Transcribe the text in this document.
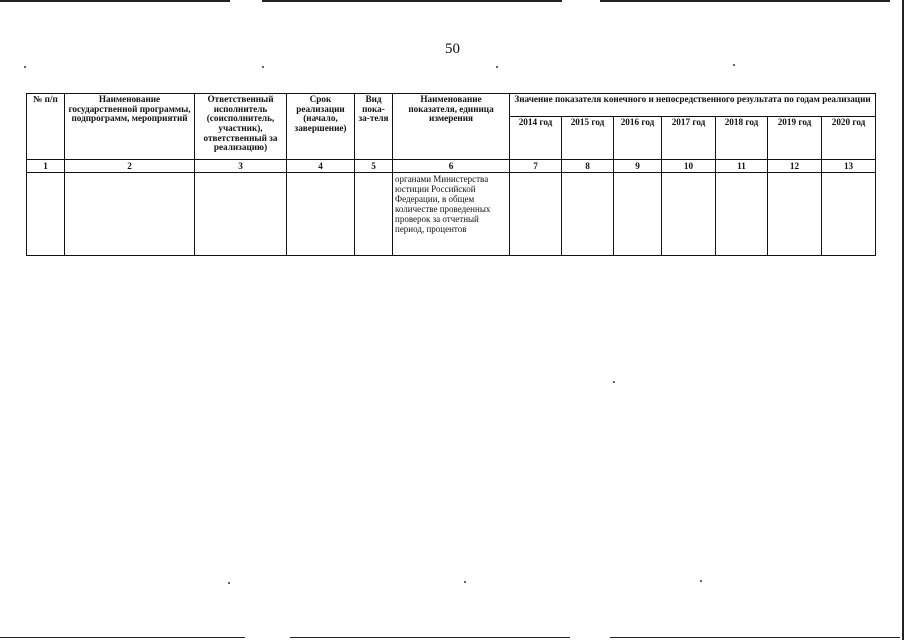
50
№ п/п	Наименование государственной программы, подпрограмм, мероприятий	Ответственный исполнитель (соисполнитель, участник), ответственный за реализацию)	Срок реализации (начало, завершение)	Вид пока-за-теля	Наименование показателя, единица измерения	Значение показателя конечного и непосредственного результата по годам реализации						
						2014 год	2015 год	2016 год	2017 год	2018 год	2019 год	2020 год
1	2	3	4	5	6	7	8	9	10	11	12	13
					органами Министерства юстиции Российской Федерации, в общем количестве проведенных проверок за отчетный период, процентов							
